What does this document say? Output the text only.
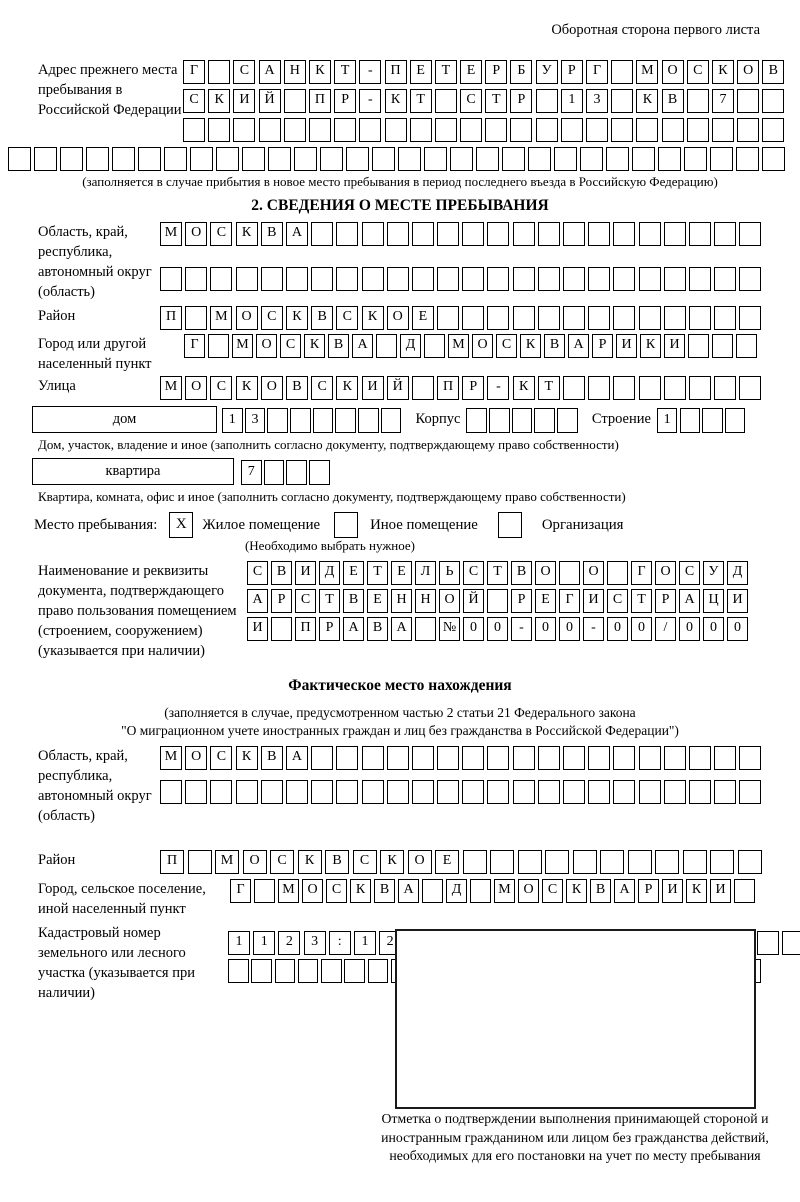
Оборотная сторона первого листа
Адрес прежнего места пребывания в Российской Федерации
Г	С А Н К Т - П Е Т Е Р Б У Р Г	М О С К О В
С К И Й	П Р - К Т	С Т Р	1 3	К В	7
(заполняется в случае прибытия в новое место пребывания в период последнего въезда в Российскую Федерацию)
2. СВЕДЕНИЯ О МЕСТЕ ПРЕБЫВАНИЯ
Область, край, республика, автономный округ (область)
М О С К В А
Район	П	М О С К В С К О Е
Город или другой населенный пункт
Г	М О С К В А	Д	М О С К В А Р И К И
Улица	М О С К О В С К И Й	П Р - К Т
дом	1 3	Корпус	Строение 1
Дом, участок, владение и иное (заполнить согласно документу, подтверждающему право собственности)
квартира	7
Квартира, комната, офис и иное (заполнить согласно документу, подтверждающему право собственности)
Место пребывания:	X	Жилое помещение	Иное помещение	Организация
(Необходимо выбрать нужное)
Наименование и реквизиты документа, подтверждающего право пользования помещением (строением, сооружением) (указывается при наличии)
С В И Д Е Т Е Л Ь С Т В О	О	Г О С У Д
А Р С Т В Е Н Н О Й	Р Е Г И С Т Р А Ц И
И	П Р А В А	№ 0 0 - 0 0 - 0 0 / 0 0 0
Фактическое место нахождения
(заполняется в случае, предусмотренном частью 2 статьи 21 Федерального закона
"О миграционном учете иностранных граждан и лиц без гражданства в Российской Федерации")
Область, край, республика, автономный округ (область)
М О С К В А
Район	П	М О С К В С К О Е
Город, сельское поселение, иной населенный пункт
Г	М О С К В А	Д	М О С К В А Р И К И
Кадастровый номер земельного или лесного участка (указывается при наличии)
1 1 2 3 : 1 2
Отметка о подтверждении выполнения принимающей стороной и иностранным гражданином или лицом без гражданства действий, необходимых для его постановки на учет по месту пребывания
